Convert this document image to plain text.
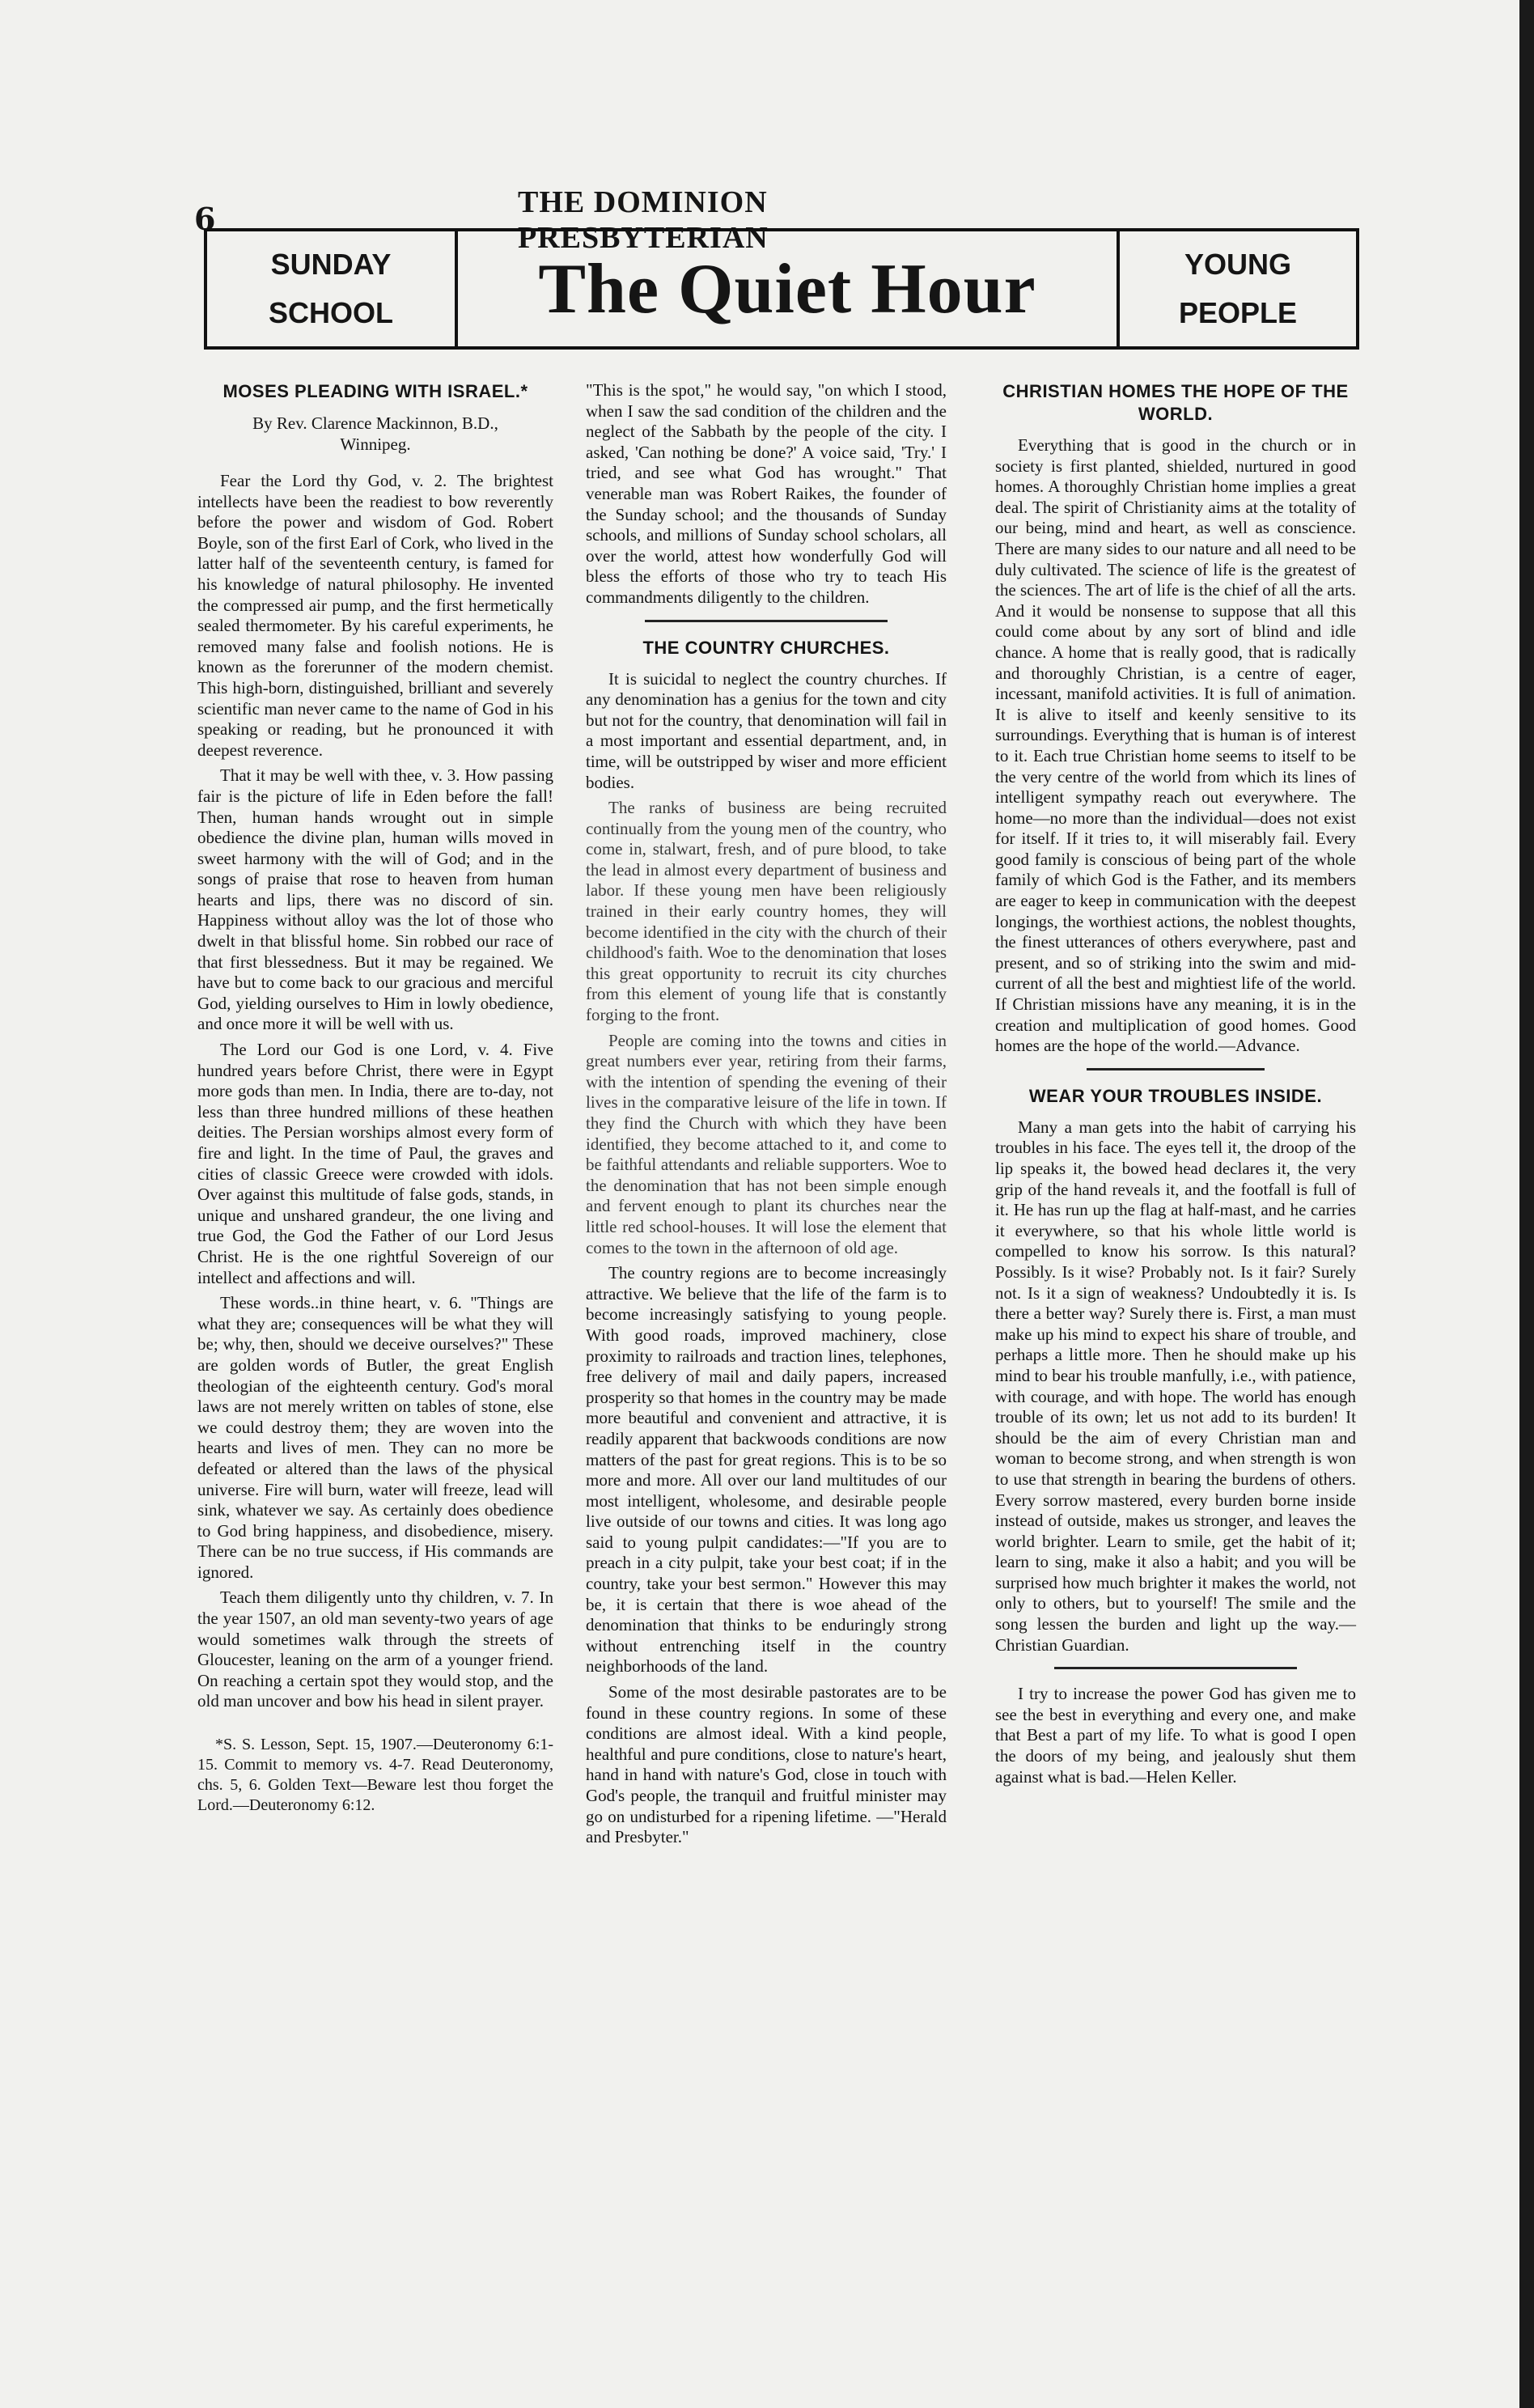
6	THE DOMINION PRESBYTERIAN
SUNDAY
SCHOOL	The Quiet Hour	YOUNG
PEOPLE
MOSES PLEADING WITH ISRAEL.*
By Rev. Clarence Mackinnon, B.D.,
Winnipeg.

Fear the Lord thy God, v. 2. The brightest intellects have been the readiest to bow reverently before the power and wisdom of God. Robert Boyle, son of the first Earl of Cork, who lived in the latter half of the seventeenth century, is famed for his knowledge of natural philosophy. He invented the compressed air pump, and the first hermetically sealed thermometer. By his careful experiments, he removed many false and foolish notions. He is known as the forerunner of the modern chemist. This high-born, distinguished, brilliant and severely scientific man never came to the name of God in his speaking or reading, but he pronounced it with deepest reverence.

That it may be well with thee, v. 3. How passing fair is the picture of life in Eden before the fall! Then, human hands wrought out in simple obedience the divine plan, human wills moved in sweet harmony with the will of God; and in the songs of praise that rose to heaven from human hearts and lips, there was no discord of sin. Happiness without alloy was the lot of those who dwelt in that blissful home. Sin robbed our race of that first blessedness. But it may be regained. We have but to come back to our gracious and merciful God, yielding ourselves to Him in lowly obedience, and once more it will be well with us.

The Lord our God is one Lord, v. 4. Five hundred years before Christ, there were in Egypt more gods than men. In India, there are to-day, not less than three hundred millions of these heathen deities. The Persian worships almost every form of fire and light. In the time of Paul, the graves and cities of classic Greece were crowded with idols. Over against this multitude of false gods, stands, in unique and unshared grandeur, the one living and true God, the God the Father of our Lord Jesus Christ. He is the one rightful Sovereign of our intellect and affections and will.

These words..in thine heart, v. 6. "Things are what they are; consequences will be what they will be; why, then, should we deceive ourselves?" These are golden words of Butler, the great English theologian of the eighteenth century. God's moral laws are not merely written on tables of stone, else we could destroy them; they are woven into the hearts and lives of men. They can no more be defeated or altered than the laws of the physical universe. Fire will burn, water will freeze, lead will sink, whatever we say. As certainly does obedience to God bring happiness, and disobedience, misery. There can be no true success, if His commands are ignored.

Teach them diligently unto thy children, v. 7. In the year 1507, an old man seventy-two years of age would sometimes walk through the streets of Gloucester, leaning on the arm of a younger friend. On reaching a certain spot they would stop, and the old man uncover and bow his head in silent prayer.

*S. S. Lesson, Sept. 15, 1907.—Deuteronomy 6:1-15. Commit to memory vs. 4-7. Read Deuteronomy, chs. 5, 6. Golden Text—Beware lest thou forget the Lord.—Deuteronomy 6:12.

"This is the spot," he would say, "on which I stood, when I saw the sad condition of the children and the neglect of the Sabbath by the people of the city. I asked, 'Can nothing be done?' A voice said, 'Try.' I tried, and see what God has wrought." That venerable man was Robert Raikes, the founder of the Sunday school; and the thousands of Sunday schools, and millions of Sunday school scholars, all over the world, attest how wonderfully God will bless the efforts of those who try to teach His commandments diligently to the children.

THE COUNTRY CHURCHES.

It is suicidal to neglect the country churches. If any denomination has a genius for the town and city but not for the country, that denomination will fail in a most important and essential department, and, in time, will be outstripped by wiser and more efficient bodies.

The ranks of business are being recruited continually from the young men of the country, who come in, stalwart, fresh, and of pure blood, to take the lead in almost every department of business and labor. If these young men have been religiously trained in their early country homes, they will become identified in the city with the church of their childhood's faith. Woe to the denomination that loses this great opportunity to recruit its city churches from this element of young life that is constantly forging to the front.

People are coming into the towns and cities in great numbers ever year, retiring from their farms, with the intention of spending the evening of their lives in the comparative leisure of the life in town. If they find the Church with which they have been identified, they become attached to it, and come to be faithful attendants and reliable supporters. Woe to the denomination that has not been simple enough and fervent enough to plant its churches near the little red school-houses. It will lose the element that comes to the town in the afternoon of old age.

The country regions are to become increasingly attractive. We believe that the life of the farm is to become increasingly satisfying to young people. With good roads, improved machinery, close proximity to railroads and traction lines, telephones, free delivery of mail and daily papers, increased prosperity so that homes in the country may be made more beautiful and convenient and attractive, it is readily apparent that backwoods conditions are now matters of the past for great regions. This is to be so more and more. All over our land multitudes of our most intelligent, wholesome, and desirable people live outside of our towns and cities. It was long ago said to young pulpit candidates:—"If you are to preach in a city pulpit, take your best coat; if in the country, take your best sermon." However this may be, it is certain that there is woe ahead of the denomination that thinks to be enduringly strong without entrenching itself in the country neighborhoods of the land.

Some of the most desirable pastorates are to be found in these country regions. In some of these conditions are almost ideal. With a kind people, healthful and pure conditions, close to nature's heart, hand in hand with nature's God, close in touch with God's people, the tranquil and fruitful minister may go on undisturbed for a ripening lifetime. —"Herald and Presbyter."

CHRISTIAN HOMES THE HOPE OF THE WORLD.

Everything that is good in the church or in society is first planted, shielded, nurtured in good homes. A thoroughly Christian home implies a great deal. The spirit of Christianity aims at the totality of our being, mind and heart, as well as conscience. There are many sides to our nature and all need to be duly cultivated. The science of life is the greatest of the sciences. The art of life is the chief of all the arts. And it would be nonsense to suppose that all this could come about by any sort of blind and idle chance. A home that is really good, that is radically and thoroughly Christian, is a centre of eager, incessant, manifold activities. It is full of animation. It is alive to itself and keenly sensitive to its surroundings. Everything that is human is of interest to it. Each true Christian home seems to itself to be the very centre of the world from which its lines of intelligent sympathy reach out everywhere. The home—no more than the individual—does not exist for itself. If it tries to, it will miserably fail. Every good family is conscious of being part of the whole family of which God is the Father, and its members are eager to keep in communication with the deepest longings, the worthiest actions, the noblest thoughts, the finest utterances of others everywhere, past and present, and so of striking into the swim and mid-current of all the best and mightiest life of the world. If Christian missions have any meaning, it is in the creation and multiplication of good homes. Good homes are the hope of the world.—Advance.

WEAR YOUR TROUBLES INSIDE.

Many a man gets into the habit of carrying his troubles in his face. The eyes tell it, the droop of the lip speaks it, the bowed head declares it, the very grip of the hand reveals it, and the footfall is full of it. He has run up the flag at half-mast, and he carries it everywhere, so that his whole little world is compelled to know his sorrow. Is this natural? Possibly. Is it wise? Probably not. Is it fair? Surely not. Is it a sign of weakness? Undoubtedly it is. Is there a better way? Surely there is. First, a man must make up his mind to expect his share of trouble, and perhaps a little more. Then he should make up his mind to bear his trouble manfully, i.e., with patience, with courage, and with hope. The world has enough trouble of its own; let us not add to its burden! It should be the aim of every Christian man and woman to become strong, and when strength is won to use that strength in bearing the burdens of others. Every sorrow mastered, every burden borne inside instead of outside, makes us stronger, and leaves the world brighter. Learn to smile, get the habit of it; learn to sing, make it also a habit; and you will be surprised how much brighter it makes the world, not only to others, but to yourself! The smile and the song lessen the burden and light up the way.—Christian Guardian.

I try to increase the power God has given me to see the best in everything and every one, and make that Best a part of my life. To what is good I open the doors of my being, and jealously shut them against what is bad.—Helen Keller.
